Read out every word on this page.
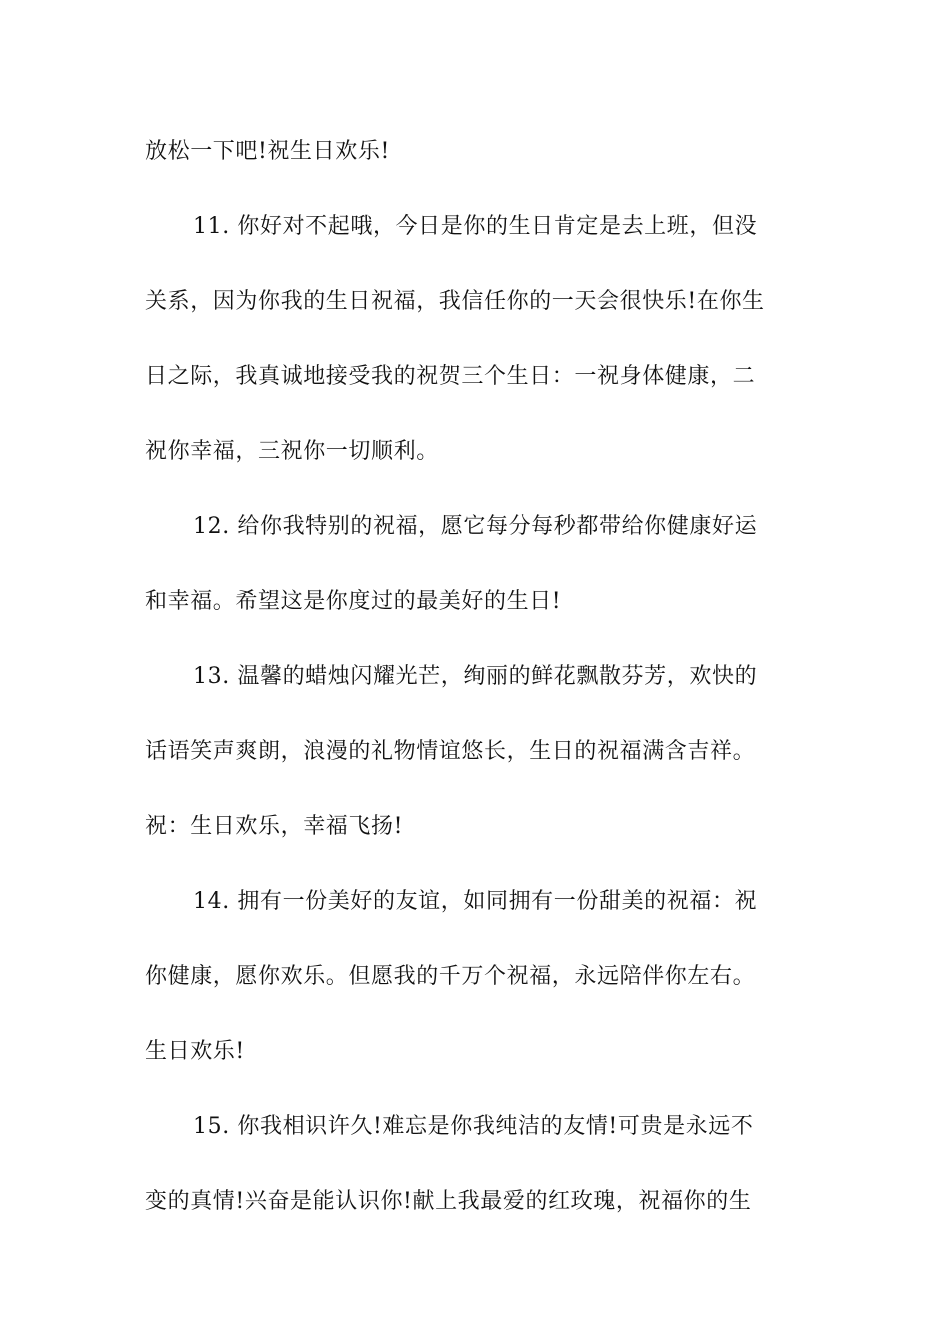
放松一下吧!祝生日欢乐!
11. 你好对不起哦，今日是你的生日肯定是去上班，但没
关系，因为你我的生日祝福，我信任你的一天会很快乐!在你生
日之际，我真诚地接受我的祝贺三个生日：一祝身体健康，二
祝你幸福，三祝你一切顺利。
12. 给你我特别的祝福，愿它每分每秒都带给你健康好运
和幸福。希望这是你度过的最美好的生日!
13. 温馨的蜡烛闪耀光芒，绚丽的鲜花飘散芬芳，欢快的
话语笑声爽朗，浪漫的礼物情谊悠长，生日的祝福满含吉祥。
祝：生日欢乐，幸福飞扬!
14. 拥有一份美好的友谊，如同拥有一份甜美的祝福：祝
你健康，愿你欢乐。但愿我的千万个祝福，永远陪伴你左右。
生日欢乐!
15. 你我相识许久!难忘是你我纯洁的友情!可贵是永远不
变的真情!兴奋是能认识你!献上我最爱的红玫瑰，祝福你的生
